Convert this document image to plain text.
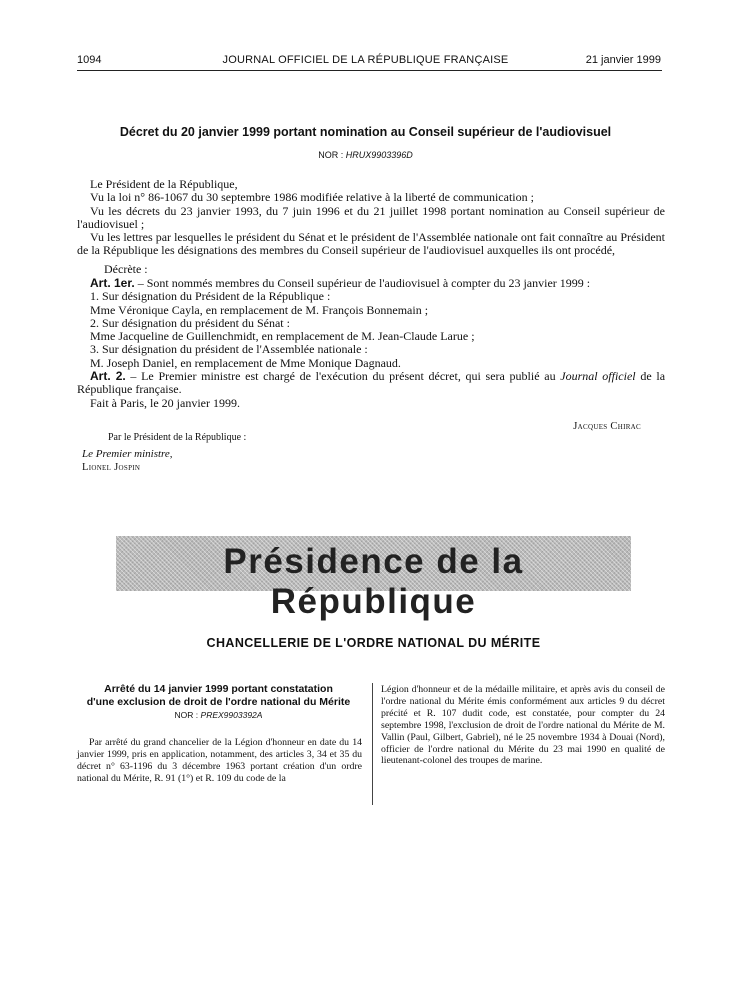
1094	JOURNAL OFFICIEL DE LA RÉPUBLIQUE FRANÇAISE	21 janvier 1999
Décret du 20 janvier 1999 portant nomination au Conseil supérieur de l'audiovisuel
NOR : HRUX9903396D

Le Président de la République,

Vu la loi n° 86-1067 du 30 septembre 1986 modifiée relative à la liberté de communication ;

Vu les décrets du 23 janvier 1993, du 7 juin 1996 et du 21 juillet 1998 portant nomination au Conseil supérieur de l'audiovisuel ;

Vu les lettres par lesquelles le président du Sénat et le président de l'Assemblée nationale ont fait connaître au Président de la République les désignations des membres du Conseil supérieur de l'audiovisuel auxquelles ils ont procédé,

Décrète :

Art. 1er. – Sont nommés membres du Conseil supérieur de l'audiovisuel à compter du 23 janvier 1999 :

1. Sur désignation du Président de la République :

Mme Véronique Cayla, en remplacement de M. François Bonnemain ;

2. Sur désignation du président du Sénat :

Mme Jacqueline de Guillenchmidt, en remplacement de M. Jean-Claude Larue ;

3. Sur désignation du président de l'Assemblée nationale :

M. Joseph Daniel, en remplacement de Mme Monique Dagnaud.

Art. 2. – Le Premier ministre est chargé de l'exécution du présent décret, qui sera publié au Journal officiel de la République française.

Fait à Paris, le 20 janvier 1999.

Jacques Chirac
Par le Président de la République :
Le Premier ministre,
Lionel Jospin
Présidence de la République
CHANCELLERIE DE L'ORDRE NATIONAL DU MÉRITE
Arrêté du 14 janvier 1999 portant constatation
d'une exclusion de droit de l'ordre national du Mérite
NOR : PREX9903392A

Par arrêté du grand chancelier de la Légion d'honneur en date du 14 janvier 1999, pris en application, notamment, des articles 3, 34 et 35 du décret n° 63-1196 du 3 décembre 1963 portant création d'un ordre national du Mérite, R. 91 (1°) et R. 109 du code de la

Légion d'honneur et de la médaille militaire, et après avis du conseil de l'ordre national du Mérite émis conformément aux articles 9 du décret précité et R. 107 dudit code, est constatée, pour compter du 24 septembre 1998, l'exclusion de droit de l'ordre national du Mérite de M. Vallin (Paul, Gilbert, Gabriel), né le 25 novembre 1934 à Douai (Nord), officier de l'ordre national du Mérite du 23 mai 1990 en qualité de lieutenant-colonel des troupes de marine.
